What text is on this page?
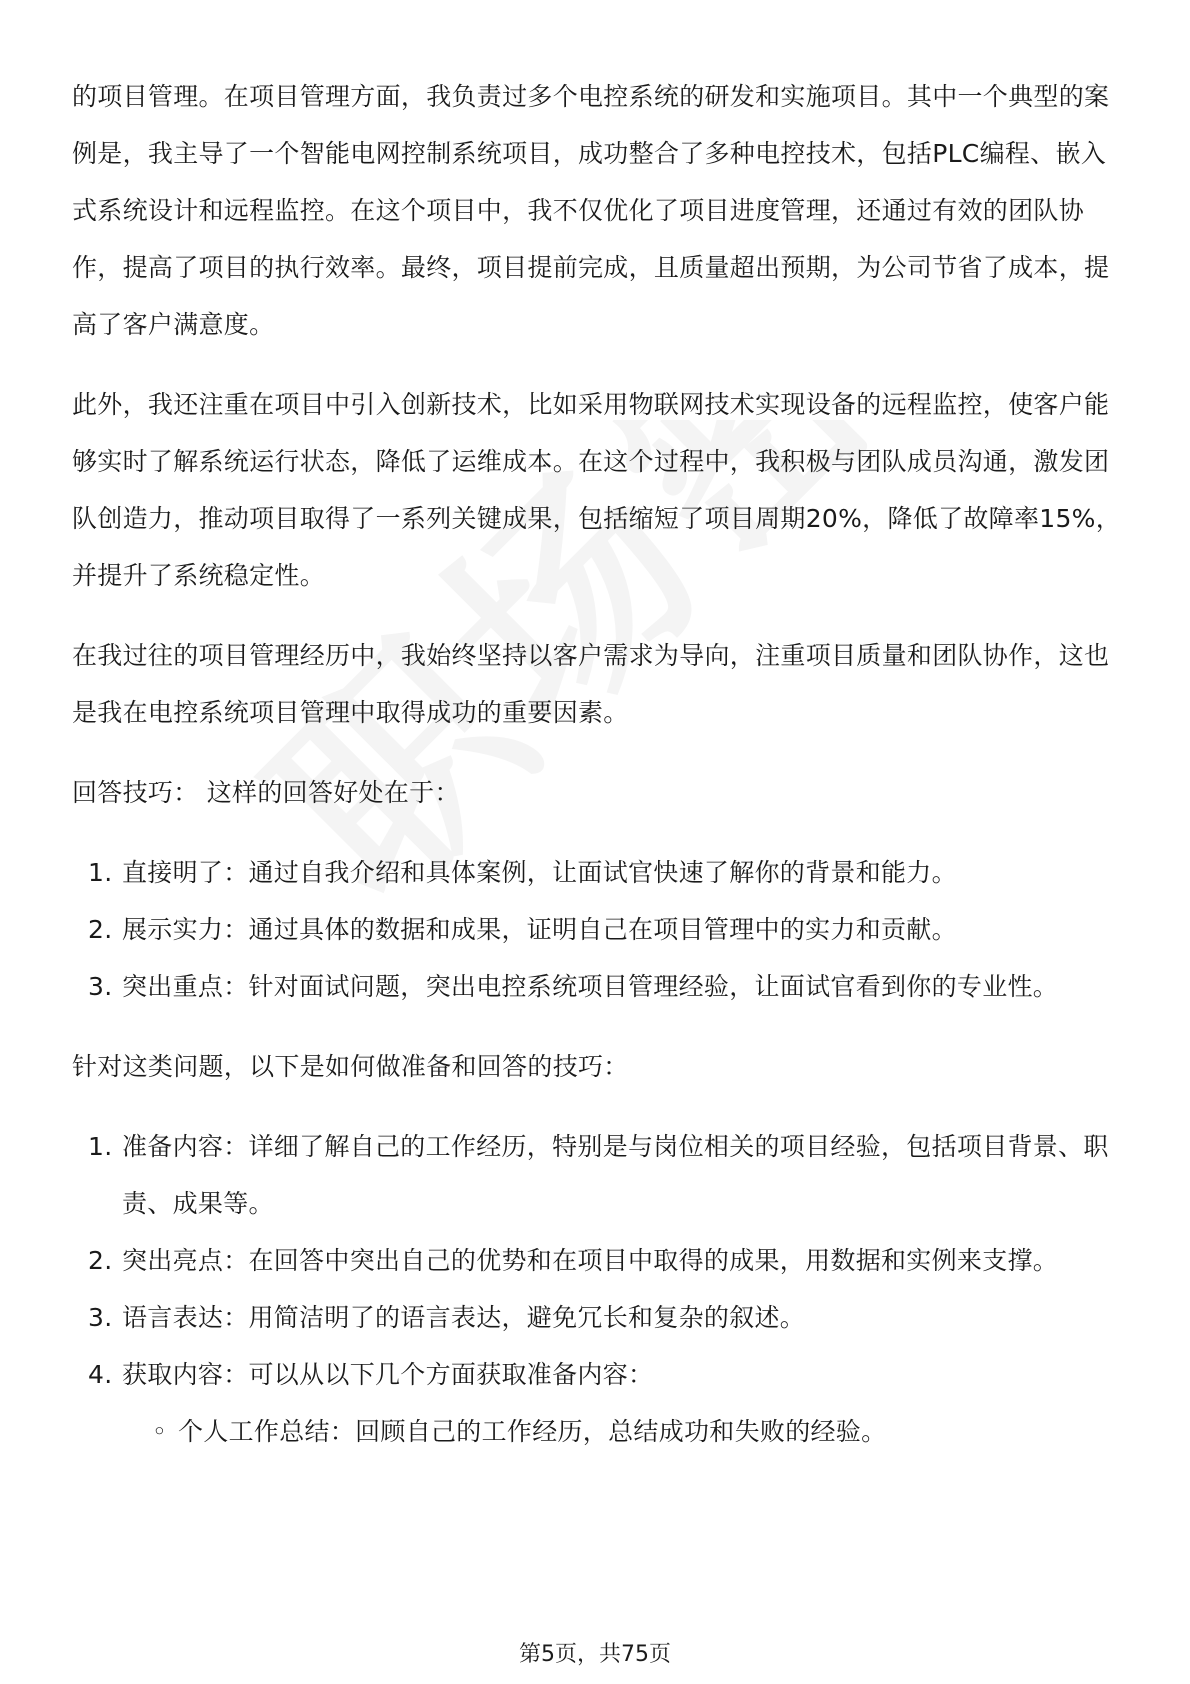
的项目管理。在项目管理方面，我负责过多个电控系统的研发和实施项目。其中一个典型的案例是，我主导了一个智能电网控制系统项目，成功整合了多种电控技术，包括PLC编程、嵌入式系统设计和远程监控。在这个项目中，我不仅优化了项目进度管理，还通过有效的团队协作，提高了项目的执行效率。最终，项目提前完成，且质量超出预期，为公司节省了成本，提高了客户满意度。

此外，我还注重在项目中引入创新技术，比如采用物联网技术实现设备的远程监控，使客户能够实时了解系统运行状态，降低了运维成本。在这个过程中，我积极与团队成员沟通，激发团队创造力，推动项目取得了一系列关键成果，包括缩短了项目周期20%，降低了故障率15%，并提升了系统稳定性。

在我过往的项目管理经历中，我始终坚持以客户需求为导向，注重项目质量和团队协作，这也是我在电控系统项目管理中取得成功的重要因素。

回答技巧： 这样的回答好处在于：

1. 直接明了：通过自我介绍和具体案例，让面试官快速了解你的背景和能力。
2. 展示实力：通过具体的数据和成果，证明自己在项目管理中的实力和贡献。
3. 突出重点：针对面试问题，突出电控系统项目管理经验，让面试官看到你的专业性。

针对这类问题，以下是如何做准备和回答的技巧：

1. 准备内容：详细了解自己的工作经历，特别是与岗位相关的项目经验，包括项目背景、职责、成果等。
2. 突出亮点：在回答中突出自己的优势和在项目中取得的成果，用数据和实例来支撑。
3. 语言表达：用简洁明了的语言表达，避免冗长和复杂的叙述。
4. 获取内容：可以从以下几个方面获取准备内容：
◦ 个人工作总结：回顾自己的工作经历，总结成功和失败的经验。
第5页，共75页
